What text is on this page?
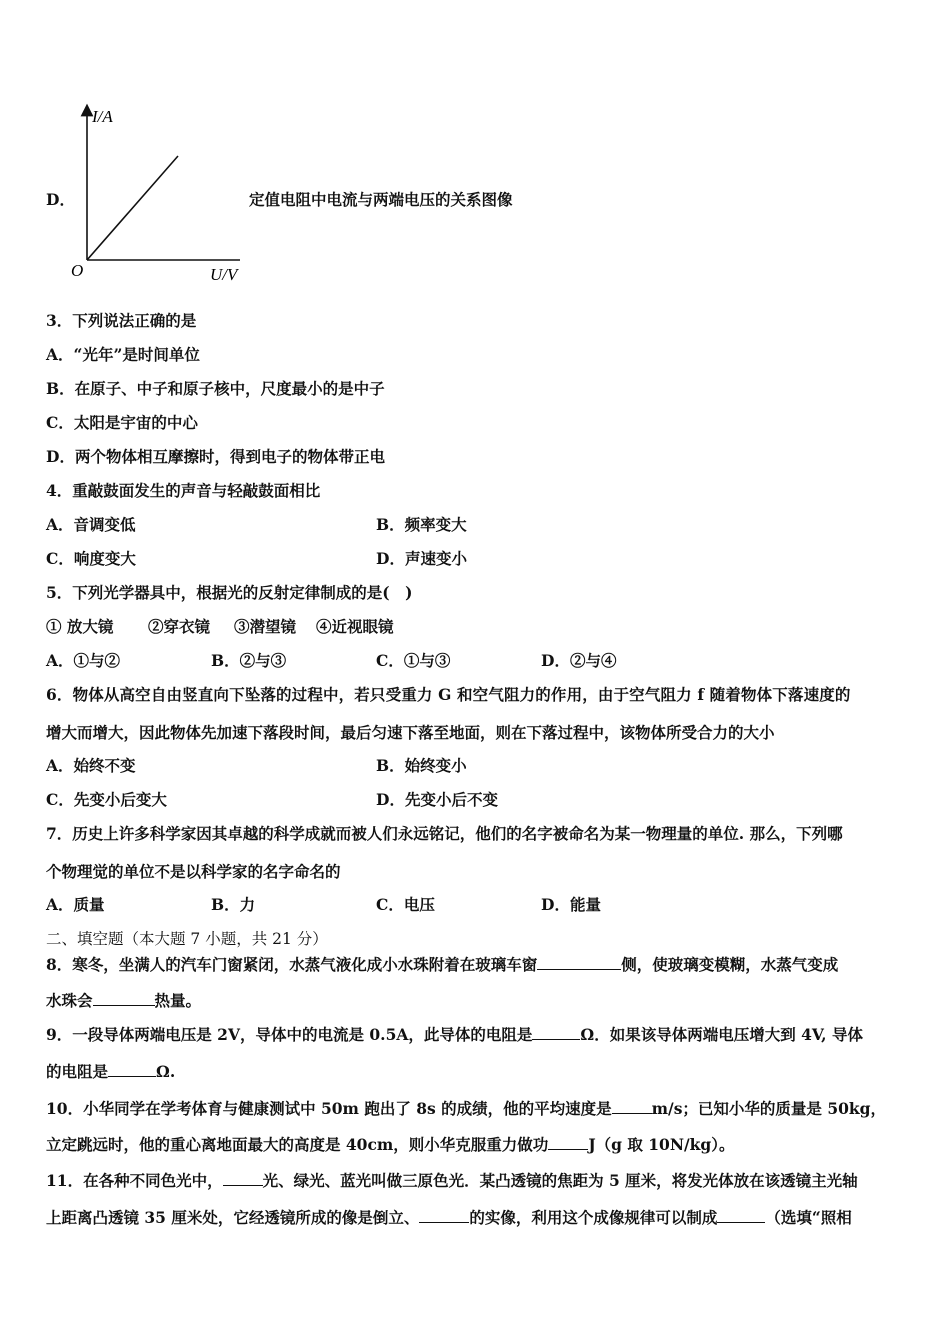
D．
I/A
O	U/V
定值电阻中电流与两端电压的关系图像
3．下列说法正确的是
A．“光年”是时间单位
B．在原子、中子和原子核中，尺度最小的是中子
C．太阳是宇宙的中心
D．两个物体相互摩擦时，得到电子的物体带正电
4．重敲鼓面发生的声音与轻敲鼓面相比
A．音调变低	B．频率变大
C．响度变大	D．声速变小
5．下列光学器具中，根据光的反射定律制成的是(　)
① 放大镜 ②穿衣镜 ③潜望镜 ④近视眼镜
A．①与②	B．②与③	C．①与③	D．②与④
6．物体从高空自由竖直向下坠落的过程中，若只受重力 G 和空气阻力的作用，由于空气阻力 f 随着物体下落速度的
增大而增大，因此物体先加速下落段时间，最后匀速下落至地面，则在下落过程中，该物体所受合力的大小
A．始终不变	B．始终变小
C．先变小后变大	D．先变小后不变
7．历史上许多科学家因其卓越的科学成就而被人们永远铭记，他们的名字被命名为某一物理量的单位. 那么，下列哪
个物理觉的单位不是以科学家的名字命名的
A．质量	B．力	C．电压	D．能量
二、填空题（本大题 7 小题，共 21 分）
8．寒冬，坐满人的汽车门窗紧闭，水蒸气液化成小水珠附着在玻璃车窗	侧，使玻璃变模糊，水蒸气变成
水珠会	热量。
9．一段导体两端电压是 2V，导体中的电流是 0.5A，此导体的电阻是	Ω．如果该导体两端电压增大到 4V, 导体
的电阻是	Ω.
10．小华同学在学考体育与健康测试中 50m 跑出了 8s 的成绩，他的平均速度是	m/s；已知小华的质量是 50kg，
立定跳远时，他的重心离地面最大的高度是 40cm，则小华克服重力做功	J（g 取 10N/kg）。
11．在各种不同色光中，	光、绿光、蓝光叫做三原色光．某凸透镜的焦距为 5 厘米，将发光体放在该透镜主光轴
上距离凸透镜 35 厘米处，它经透镜所成的像是倒立、	的实像，利用这个成像规律可以制成	（选填“照相
